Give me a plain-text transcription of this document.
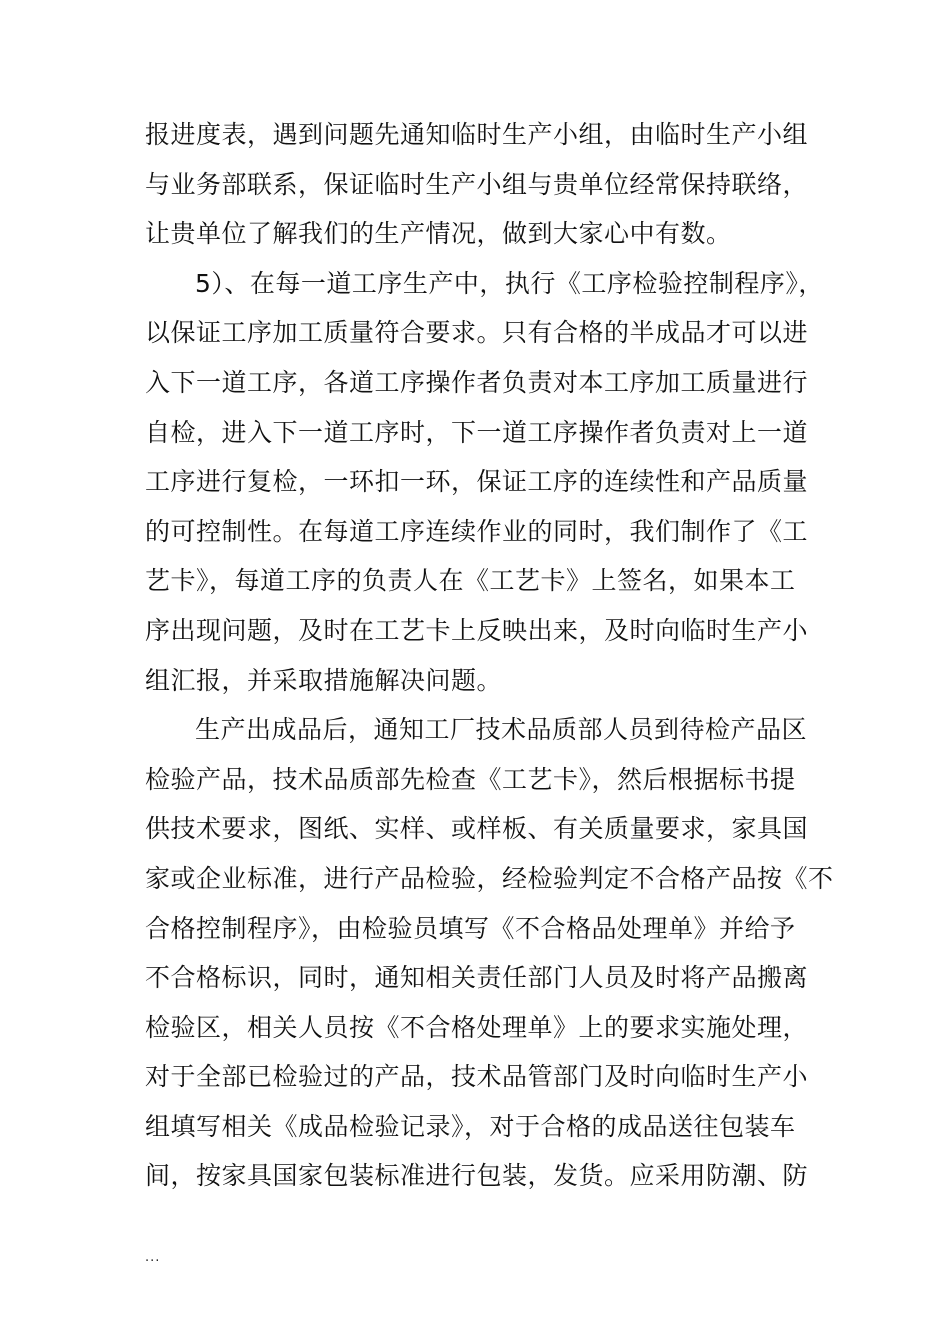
报进度表，遇到问题先通知临时生产小组，由临时生产小组
与业务部联系，保证临时生产小组与贵单位经常保持联络，
让贵单位了解我们的生产情况，做到大家心中有数。
5）、在每一道工序生产中，执行《工序检验控制程序》，
以保证工序加工质量符合要求。只有合格的半成品才可以进
入下一道工序，各道工序操作者负责对本工序加工质量进行
自检，进入下一道工序时，下一道工序操作者负责对上一道
工序进行复检，一环扣一环，保证工序的连续性和产品质量
的可控制性。在每道工序连续作业的同时，我们制作了《工
艺卡》，每道工序的负责人在《工艺卡》上签名，如果本工
序出现问题，及时在工艺卡上反映出来，及时向临时生产小
组汇报，并采取措施解决问题。
生产出成品后，通知工厂技术品质部人员到待检产品区
检验产品，技术品质部先检查《工艺卡》，然后根据标书提
供技术要求，图纸、实样、或样板、有关质量要求，家具国
家或企业标准，进行产品检验，经检验判定不合格产品按《不
合格控制程序》，由检验员填写《不合格品处理单》并给予
不合格标识，同时，通知相关责任部门人员及时将产品搬离
检验区，相关人员按《不合格处理单》上的要求实施处理，
对于全部已检验过的产品，技术品管部门及时向临时生产小
组填写相关《成品检验记录》，对于合格的成品送往包装车
间，按家具国家包装标准进行包装，发货。应采用防潮、防
...
